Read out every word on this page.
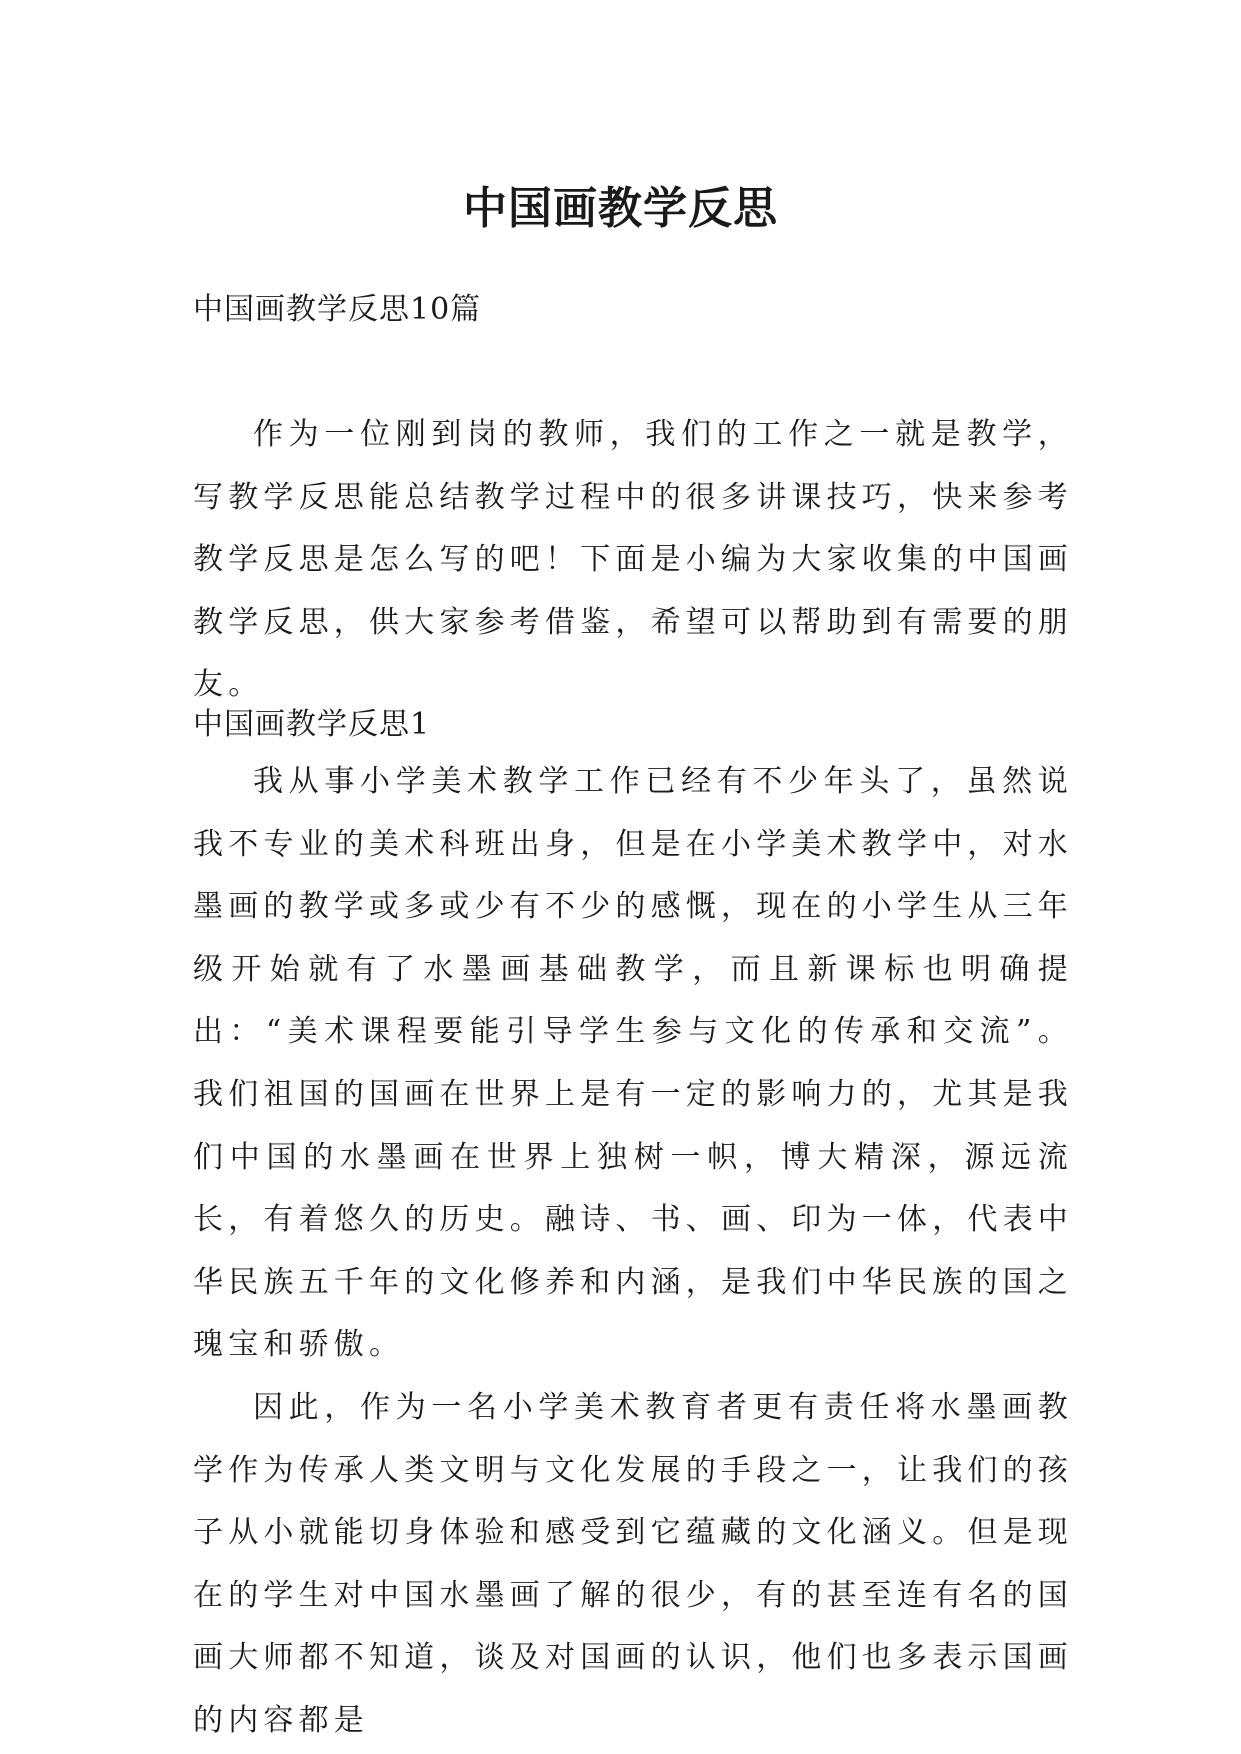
中国画教学反思
中国画教学反思10篇

作为一位刚到岗的教师，我们的工作之一就是教学，写教学反思能总结教学过程中的很多讲课技巧，快来参考教学反思是怎么写的吧！下面是小编为大家收集的中国画教学反思，供大家参考借鉴，希望可以帮助到有需要的朋友。

中国画教学反思1

我从事小学美术教学工作已经有不少年头了，虽然说我不专业的美术科班出身，但是在小学美术教学中，对水墨画的教学或多或少有不少的感慨，现在的小学生从三年级开始就有了水墨画基础教学，而且新课标也明确提出：“美术课程要能引导学生参与文化的传承和交流”。我们祖国的国画在世界上是有一定的影响力的，尤其是我们中国的水墨画在世界上独树一帜，博大精深，源远流长，有着悠久的历史。融诗、书、画、印为一体，代表中华民族五千年的文化修养和内涵，是我们中华民族的国之瑰宝和骄傲。

因此，作为一名小学美术教育者更有责任将水墨画教学作为传承人类文明与文化发展的手段之一，让我们的孩子从小就能切身体验和感受到它蕴藏的文化涵义。但是现在的学生对中国水墨画了解的很少，有的甚至连有名的国画大师都不知道，谈及对国画的认识，他们也多表示国画的内容都是
